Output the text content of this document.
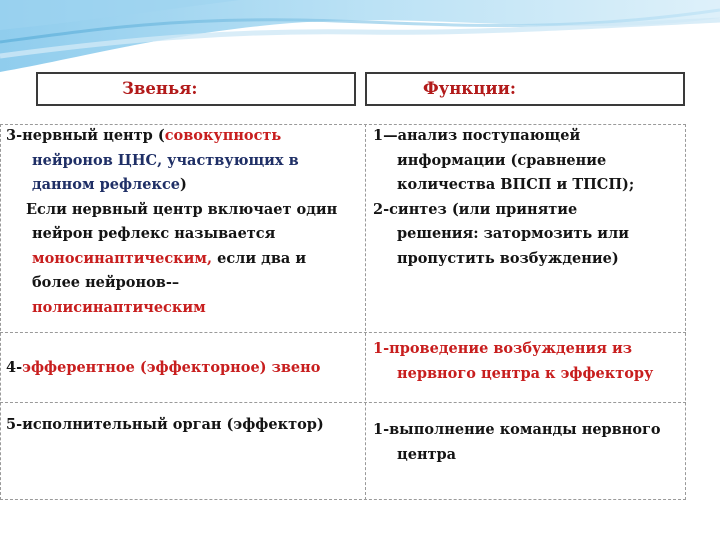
Звенья:	Функции:
3-нервный центр (совокупность
нейронов ЦНС, участвующих в
данном рефлексе)
Если нервный центр включает один
нейрон рефлекс называется
моносинаптическим, если два и
более нейронов-–
полисинаптическим
1—анализ поступающей
информации (сравнение
количества ВПСП и ТПСП);
2-синтез (или принятие
решения: затормозить или
пропустить возбуждение)
4-эфферентное (эффекторное) звено
1-проведение возбуждения из
нервного центра к эффектору
5-исполнительный орган (эффектор)	1-выполнение команды нервного
центра
